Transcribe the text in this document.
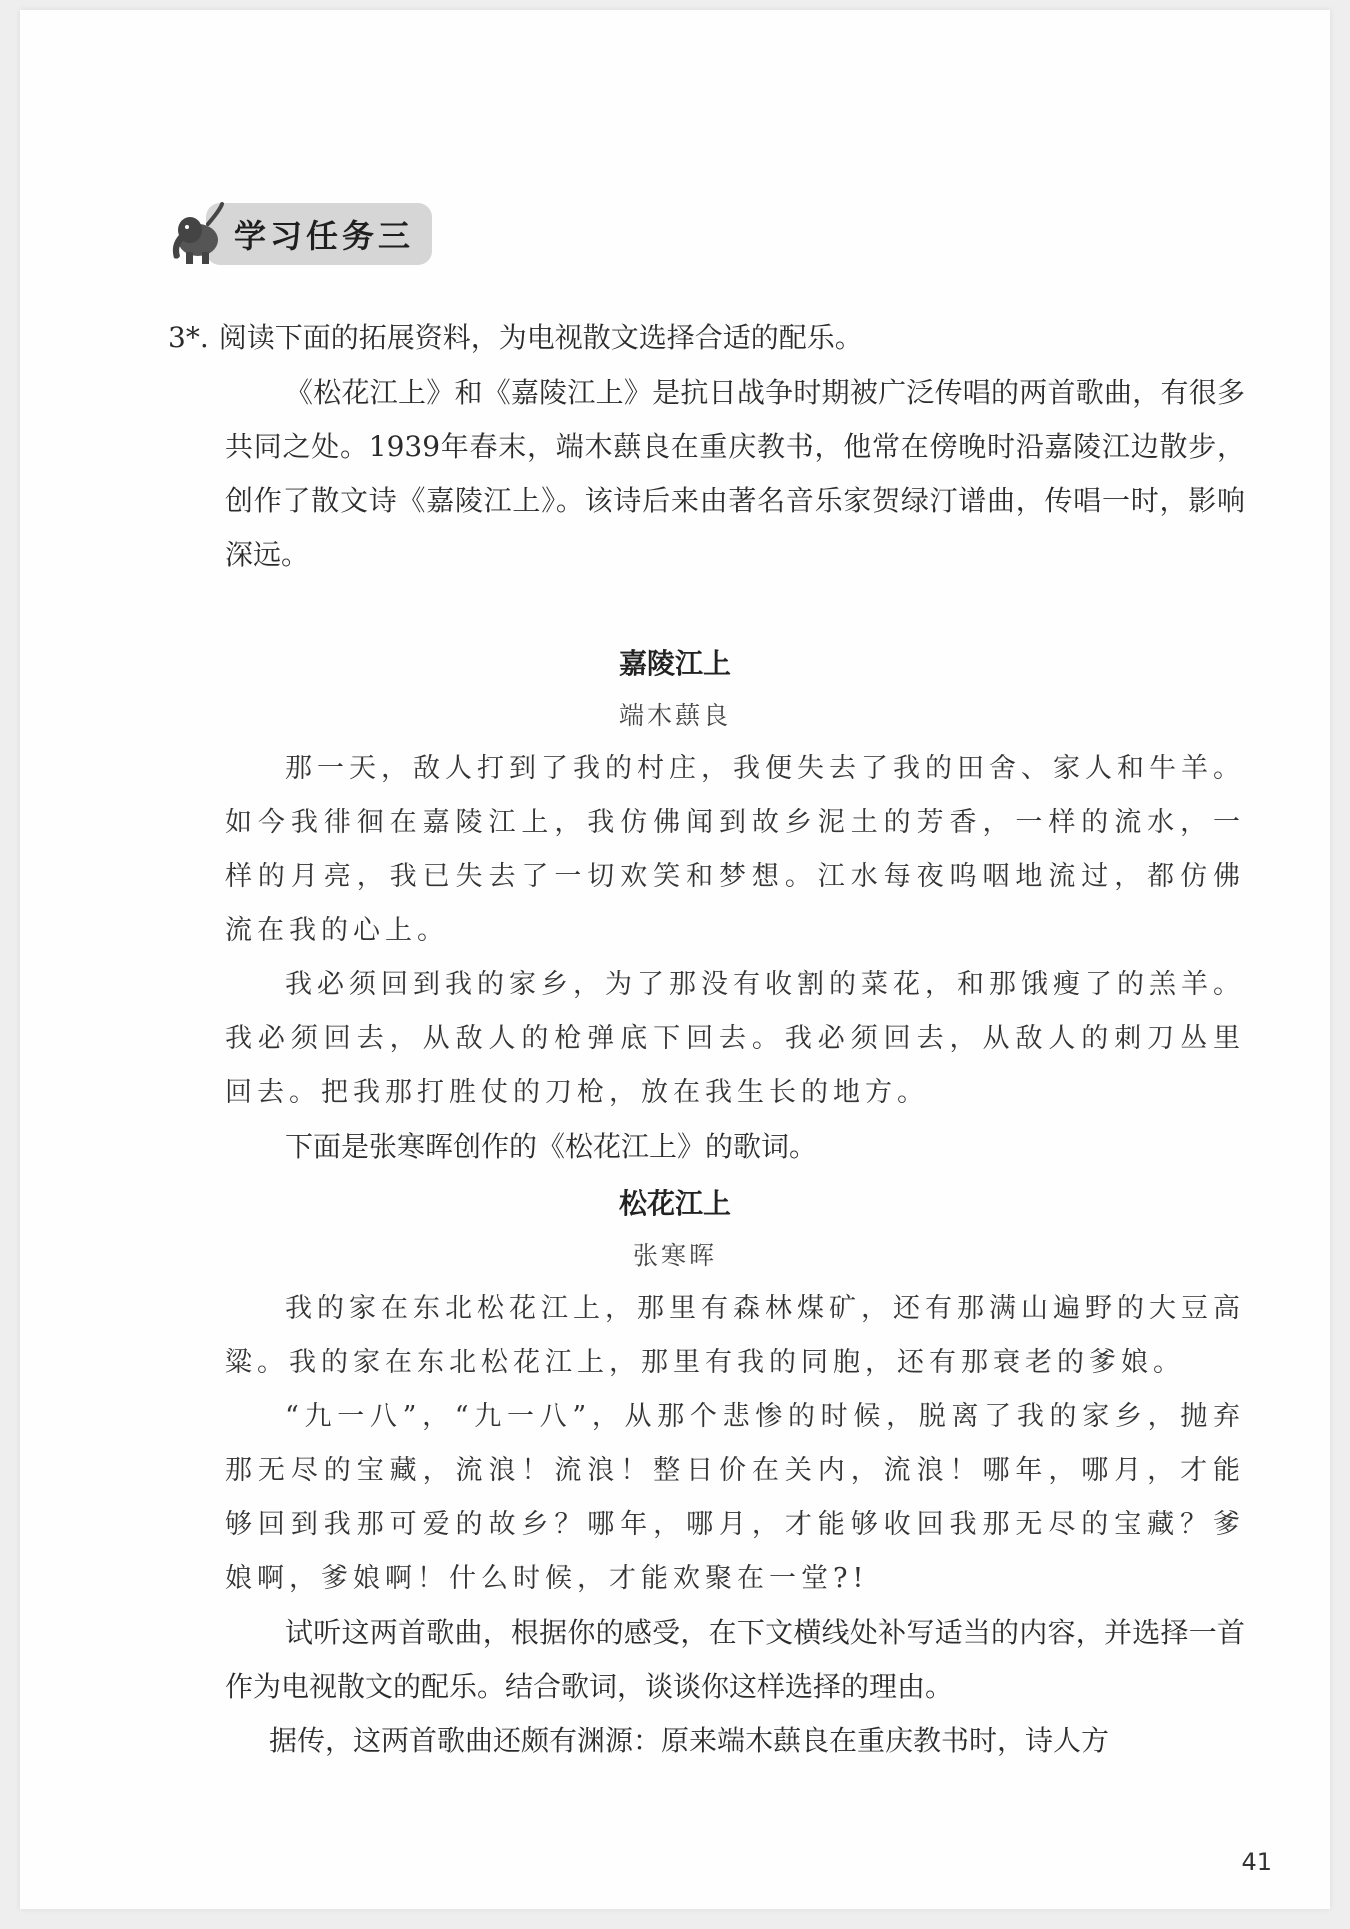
学习任务三
3*. 阅读下面的拓展资料，为电视散文选择合适的配乐。

《松花江上》和《嘉陵江上》是抗日战争时期被广泛传唱的两首歌曲，有很多共同之处。1939年春末，端木蕻良在重庆教书，他常在傍晚时沿嘉陵江边散步，创作了散文诗《嘉陵江上》。该诗后来由著名音乐家贺绿汀谱曲，传唱一时，影响深远。

嘉陵江上
端木蕻良

那一天，敌人打到了我的村庄，我便失去了我的田舍、家人和牛羊。如今我徘徊在嘉陵江上，我仿佛闻到故乡泥土的芳香，一样的流水，一样的月亮，我已失去了一切欢笑和梦想。江水每夜呜咽地流过，都仿佛流在我的心上。

我必须回到我的家乡，为了那没有收割的菜花，和那饿瘦了的羔羊。我必须回去，从敌人的枪弹底下回去。我必须回去，从敌人的刺刀丛里回去。把我那打胜仗的刀枪，放在我生长的地方。

下面是张寒晖创作的《松花江上》的歌词。

松花江上
张寒晖

我的家在东北松花江上，那里有森林煤矿，还有那满山遍野的大豆高粱。我的家在东北松花江上，那里有我的同胞，还有那衰老的爹娘。

“九一八”，“九一八”，从那个悲惨的时候，脱离了我的家乡，抛弃那无尽的宝藏，流浪！流浪！整日价在关内，流浪！哪年，哪月，才能够回到我那可爱的故乡？哪年，哪月，才能够收回我那无尽的宝藏？爹娘啊，爹娘啊！什么时候，才能欢聚在一堂?!

试听这两首歌曲，根据你的感受，在下文横线处补写适当的内容，并选择一首作为电视散文的配乐。结合歌词，谈谈你这样选择的理由。

据传，这两首歌曲还颇有渊源：原来端木蕻良在重庆教书时，诗人方

41
